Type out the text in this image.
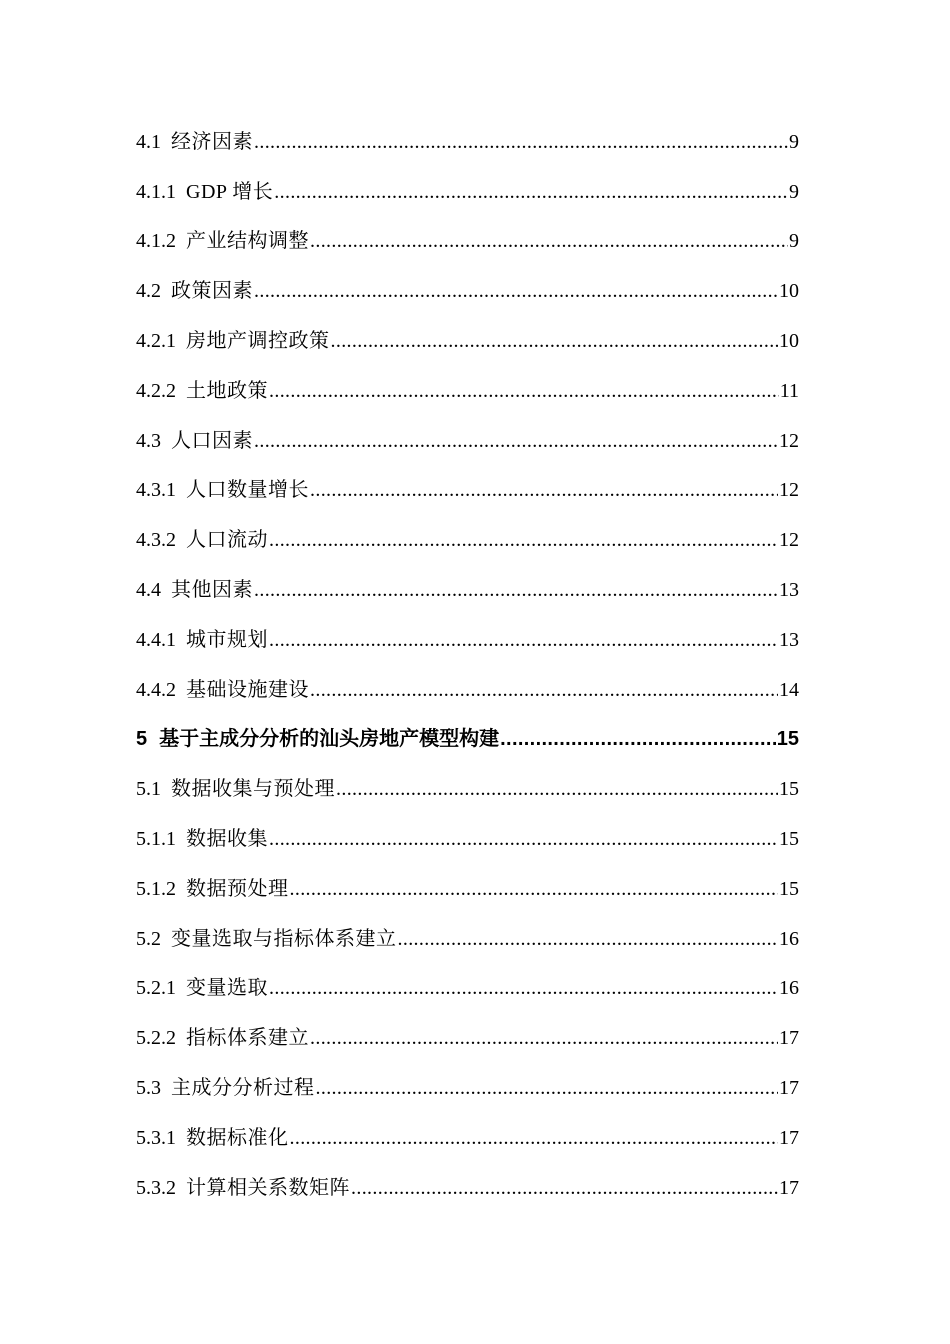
4.1 经济因素 .....	9
4.1.1 GDP 增长 .....	9
4.1.2 产业结构调整 .....	9
4.2 政策因素 .....	10
4.2.1 房地产调控政策 .....	10
4.2.2 土地政策 .....	11
4.3 人口因素 .....	12
4.3.1 人口数量增长 .....	12
4.3.2 人口流动 .....	12
4.4 其他因素 .....	13
4.4.1 城市规划 .....	13
4.4.2 基础设施建设 .....	14
5 基于主成分分析的汕头房地产模型构建 .....	15
5.1 数据收集与预处理 .....	15
5.1.1 数据收集 .....	15
5.1.2 数据预处理 .....	15
5.2 变量选取与指标体系建立 .....	16
5.2.1 变量选取 .....	16
5.2.2 指标体系建立 .....	17
5.3 主成分分析过程 .....	17
5.3.1 数据标准化 .....	17
5.3.2 计算相关系数矩阵 .....	17
